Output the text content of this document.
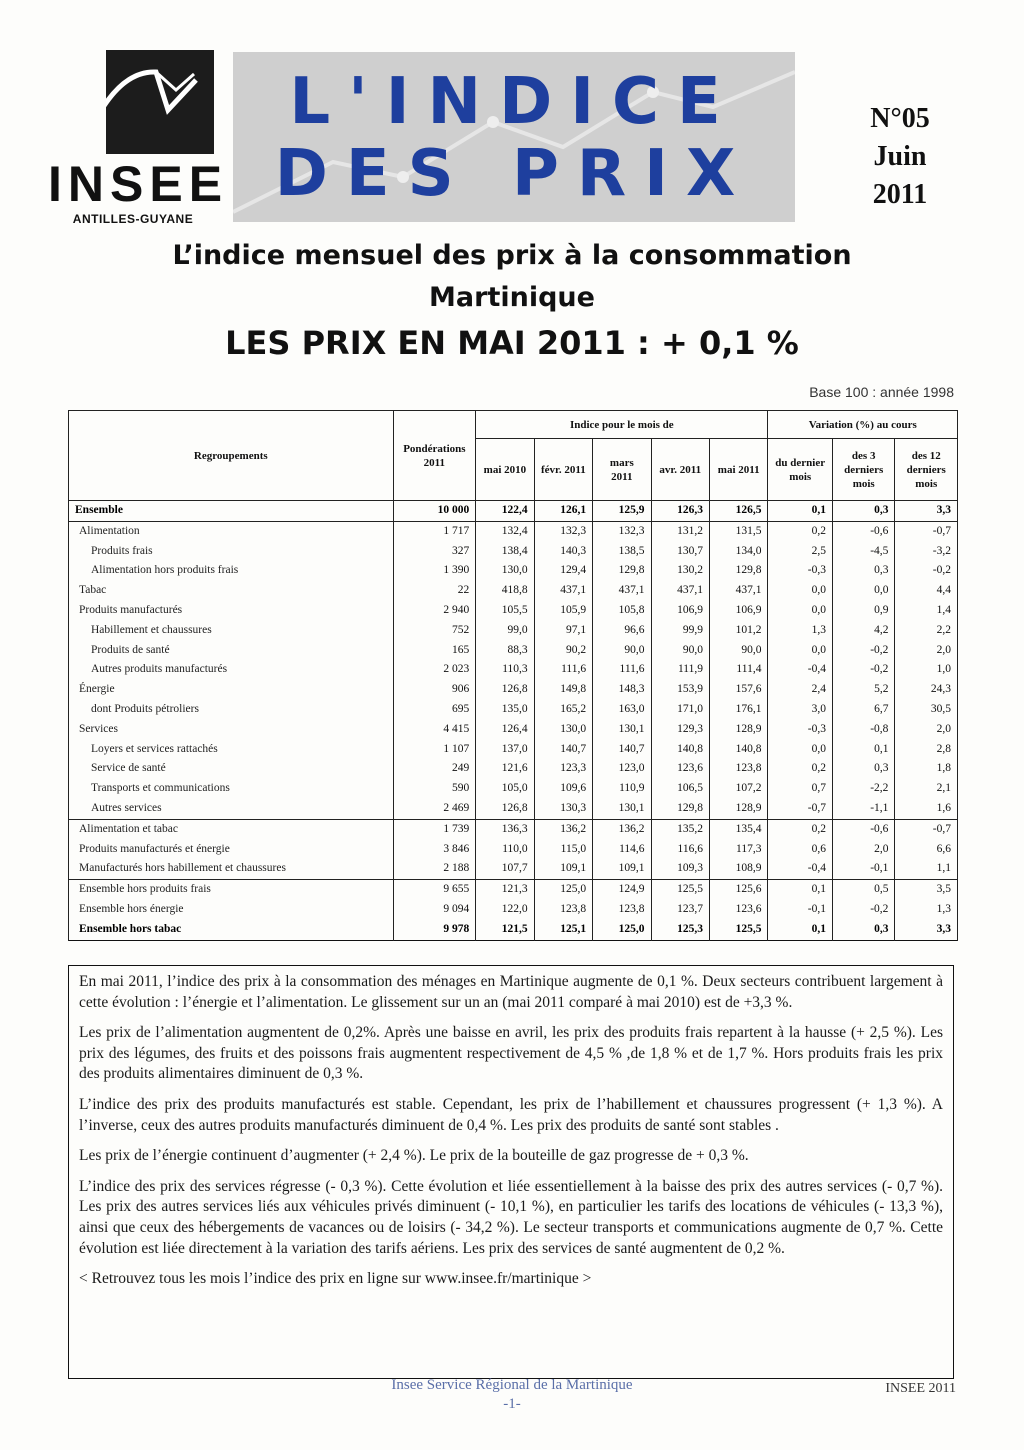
INSEE
ANTILLES-GUYANE
L'INDICE
DES PRIX
N°05
Juin
2011
L’indice mensuel des prix à la consommation
Martinique
LES PRIX EN MAI 2011 : + 0,1 %
Base 100 : année 1998
Regroupements	Pondérations 2011	Indice pour le mois de					Variation (%) au cours		
		mai 2010	févr. 2011	mars 2011	avr. 2011	mai 2011	du dernier mois	des 3 derniers mois	des 12 derniers mois
Ensemble	10 000	122,4	126,1	125,9	126,3	126,5	0,1	0,3	3,3
Alimentation	1 717	132,4	132,3	132,3	131,2	131,5	0,2	-0,6	-0,7
Produits frais	327	138,4	140,3	138,5	130,7	134,0	2,5	-4,5	-3,2
Alimentation hors produits frais	1 390	130,0	129,4	129,8	130,2	129,8	-0,3	0,3	-0,2
Tabac	22	418,8	437,1	437,1	437,1	437,1	0,0	0,0	4,4
Produits manufacturés	2 940	105,5	105,9	105,8	106,9	106,9	0,0	0,9	1,4
Habillement et chaussures	752	99,0	97,1	96,6	99,9	101,2	1,3	4,2	2,2
Produits de santé	165	88,3	90,2	90,0	90,0	90,0	0,0	-0,2	2,0
Autres produits manufacturés	2 023	110,3	111,6	111,6	111,9	111,4	-0,4	-0,2	1,0
Énergie	906	126,8	149,8	148,3	153,9	157,6	2,4	5,2	24,3
dont Produits pétroliers	695	135,0	165,2	163,0	171,0	176,1	3,0	6,7	30,5
Services	4 415	126,4	130,0	130,1	129,3	128,9	-0,3	-0,8	2,0
Loyers et services rattachés	1 107	137,0	140,7	140,7	140,8	140,8	0,0	0,1	2,8
Service de santé	249	121,6	123,3	123,0	123,6	123,8	0,2	0,3	1,8
Transports et communications	590	105,0	109,6	110,9	106,5	107,2	0,7	-2,2	2,1
Autres services	2 469	126,8	130,3	130,1	129,8	128,9	-0,7	-1,1	1,6
Alimentation et tabac	1 739	136,3	136,2	136,2	135,2	135,4	0,2	-0,6	-0,7
Produits manufacturés et énergie	3 846	110,0	115,0	114,6	116,6	117,3	0,6	2,0	6,6
Manufacturés hors habillement et chaussures	2 188	107,7	109,1	109,1	109,3	108,9	-0,4	-0,1	1,1
Ensemble hors produits frais	9 655	121,3	125,0	124,9	125,5	125,6	0,1	0,5	3,5
Ensemble hors énergie	9 094	122,0	123,8	123,8	123,7	123,6	-0,1	-0,2	1,3
Ensemble hors tabac	9 978	121,5	125,1	125,0	125,3	125,5	0,1	0,3	3,3

En mai 2011, l’indice des prix à la consommation des ménages en Martinique augmente de 0,1 %. Deux secteurs contribuent largement à cette évolution : l’énergie et l’alimentation. Le glissement sur un an (mai 2011 comparé à mai 2010) est de +3,3 %.

Les prix de l’alimentation augmentent de 0,2%. Après une baisse en avril, les prix des produits frais repartent à la hausse (+ 2,5 %). Les prix des légumes, des fruits et des poissons frais augmentent respectivement de 4,5 % ,de 1,8 % et de 1,7 %. Hors produits frais les prix des produits alimentaires diminuent de 0,3 %.

L’indice des prix des produits manufacturés est stable. Cependant, les prix de l’habillement et chaussures progressent (+ 1,3 %). A l’inverse, ceux des autres produits manufacturés diminuent de 0,4 %. Les prix des produits de santé sont stables .

Les prix de l’énergie continuent d’augmenter (+ 2,4 %). Le prix de la bouteille de gaz progresse de + 0,3 %.

L’indice des prix des services régresse (- 0,3 %). Cette évolution et liée essentiellement à la baisse des prix des autres services (- 0,7 %). Les prix des autres services liés aux véhicules privés diminuent (- 10,1 %), en particulier les tarifs des locations de véhicules (- 13,3 %), ainsi que ceux des hébergements de vacances ou de loisirs (- 34,2 %). Le secteur transports et communications augmente de 0,7 %. Cette évolution est liée directement à la variation des tarifs aériens. Les prix des services de santé augmentent de 0,2 %.

< Retrouvez tous les mois l’indice des prix en ligne sur www.insee.fr/martinique >

Insee Service Régional de la Martinique
-1-
INSEE 2011
